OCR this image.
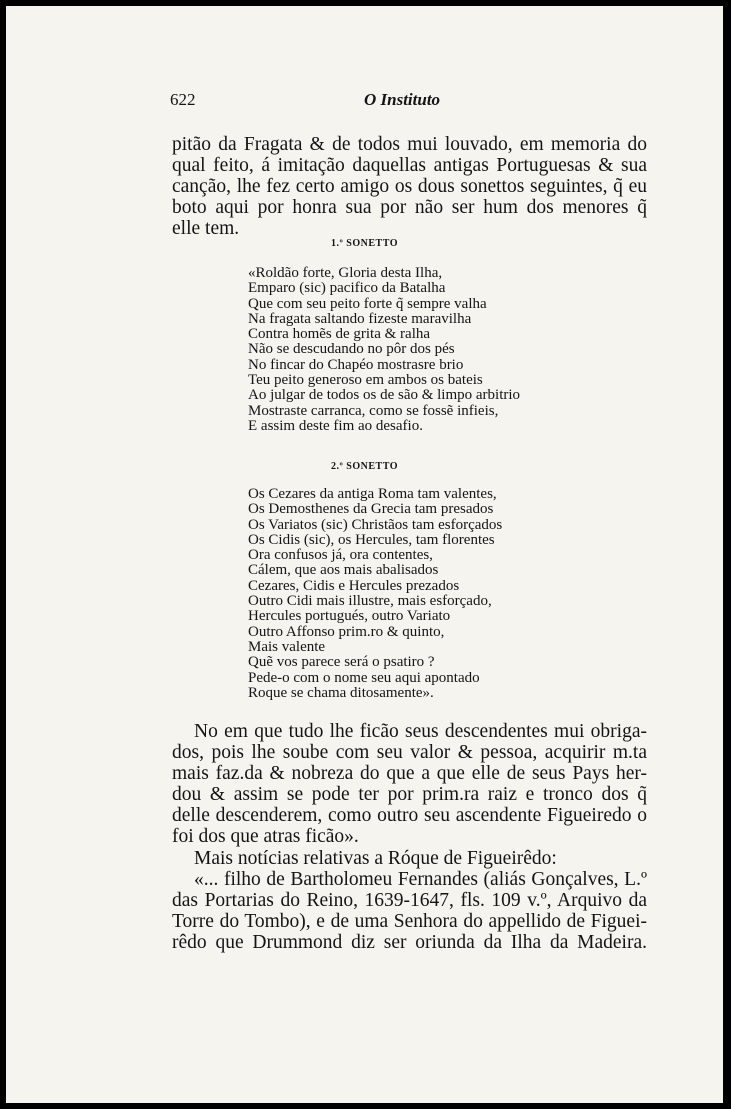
622	O Instituto
pitão da Fragata & de todos mui louvado, em memoria do
qual feito, á imitação daquellas antigas Portuguesas & sua
canção, lhe fez certo amigo os dous sonettos seguintes, q̃ eu
boto aqui por honra sua por não ser hum dos menores q̃
elle tem.
1.º SONETTO
«Roldão forte, Gloria desta Ilha,
Emparo (sic) pacifico da Batalha
Que com seu peito forte q̃ sempre valha
Na fragata saltando fizeste maravilha
Contra homẽs de grita & ralha
Não se descudando no pôr dos pés
No fincar do Chapéo mostrasre brio
Teu peito generoso em ambos os bateis
Ao julgar de todos os de são & limpo arbitrio
Mostraste carranca, como se fossẽ infieis,
E assim deste fim ao desafio.
2.º SONETTO
Os Cezares da antiga Roma tam valentes,
Os Demosthenes da Grecia tam presados
Os Variatos (sic) Christãos tam esforçados
Os Cidis (sic), os Hercules, tam florentes
Ora confusos já, ora contentes,
Cálem, que aos mais abalisados
Cezares, Cidis e Hercules prezados
Outro Cidi mais illustre, mais esforçado,
Hercules portugués, outro Variato
Outro Affonso prim.ro & quinto,
Mais valente
Quẽ vos parece será o psatiro ?
Pede-o com o nome seu aqui apontado
Roque se chama ditosamente».
No em que tudo lhe ficão seus descendentes mui obriga-
dos, pois lhe soube com seu valor & pessoa, acquirir m.ta
mais faz.da & nobreza do que a que elle de seus Pays her-
dou & assim se pode ter por prim.ra raiz e tronco dos q̃
delle descenderem, como outro seu ascendente Figueiredo o
foi dos que atras ficão».
Mais notícias relativas a Róque de Figueirêdo:
«... filho de Bartholomeu Fernandes (aliás Gonçalves, L.º
das Portarias do Reino, 1639-1647, fls. 109 v.º, Arquivo da
Torre do Tombo), e de uma Senhora do appellido de Figuei-
rêdo que Drummond diz ser oriunda da Ilha da Madeira.
